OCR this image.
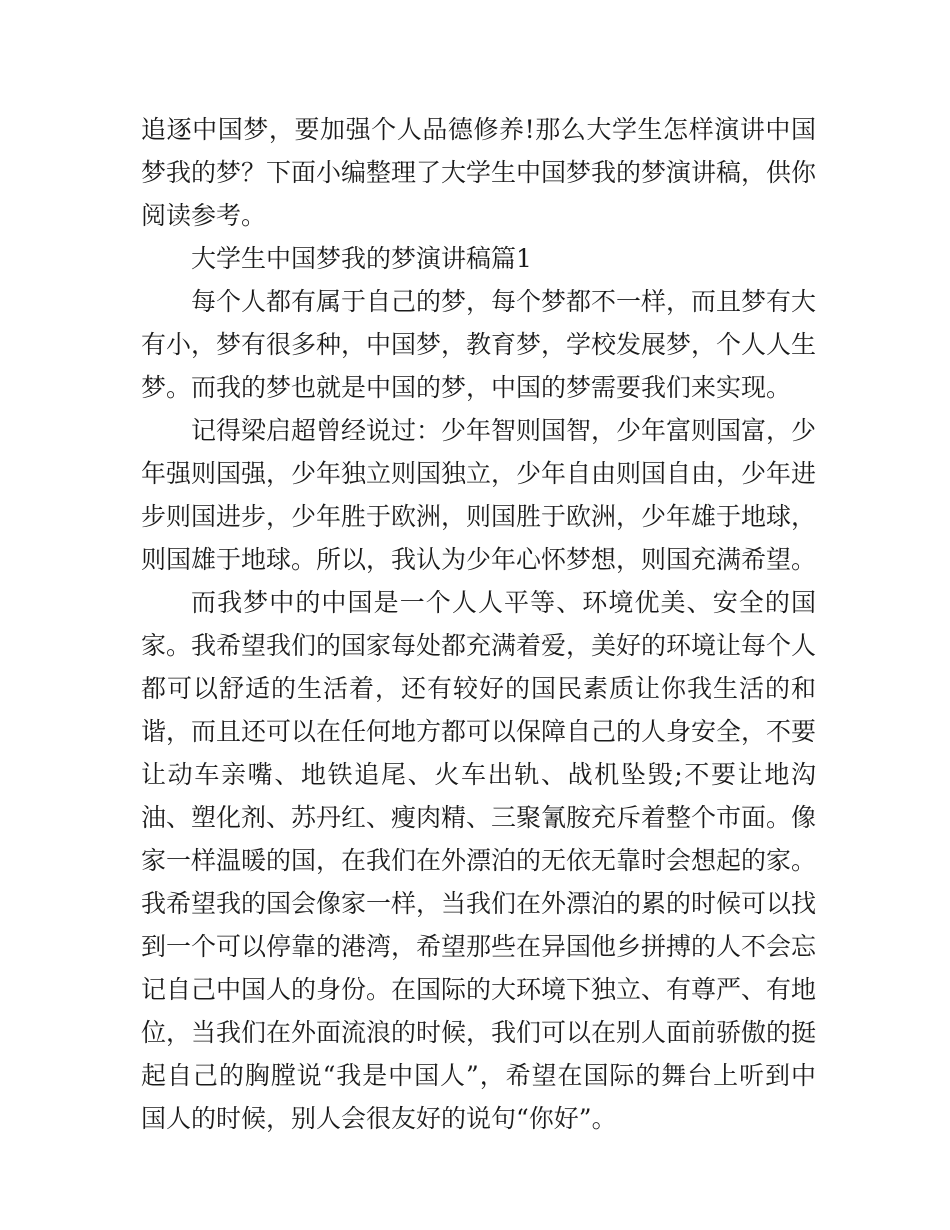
追逐中国梦，要加强个人品德修养!那么大学生怎样演讲中国
梦我的梦？下面小编整理了大学生中国梦我的梦演讲稿，供你
阅读参考。
大学生中国梦我的梦演讲稿篇1
每个人都有属于自己的梦，每个梦都不一样，而且梦有大
有小，梦有很多种，中国梦，教育梦，学校发展梦，个人人生
梦。而我的梦也就是中国的梦，中国的梦需要我们来实现。
记得梁启超曾经说过：少年智则国智，少年富则国富，少
年强则国强，少年独立则国独立，少年自由则国自由，少年进
步则国进步，少年胜于欧洲，则国胜于欧洲，少年雄于地球，
则国雄于地球。所以，我认为少年心怀梦想，则国充满希望。
而我梦中的中国是一个人人平等、环境优美、安全的国
家。我希望我们的国家每处都充满着爱，美好的环境让每个人
都可以舒适的生活着，还有较好的国民素质让你我生活的和
谐，而且还可以在任何地方都可以保障自己的人身安全，不要
让动车亲嘴、地铁追尾、火车出轨、战机坠毁;不要让地沟
油、塑化剂、苏丹红、瘦肉精、三聚氰胺充斥着整个市面。像
家一样温暖的国，在我们在外漂泊的无依无靠时会想起的家。
我希望我的国会像家一样，当我们在外漂泊的累的时候可以找
到一个可以停靠的港湾，希望那些在异国他乡拼搏的人不会忘
记自己中国人的身份。在国际的大环境下独立、有尊严、有地
位，当我们在外面流浪的时候，我们可以在别人面前骄傲的挺
起自己的胸膛说“我是中国人”，希望在国际的舞台上听到中
国人的时候，别人会很友好的说句“你好”。
